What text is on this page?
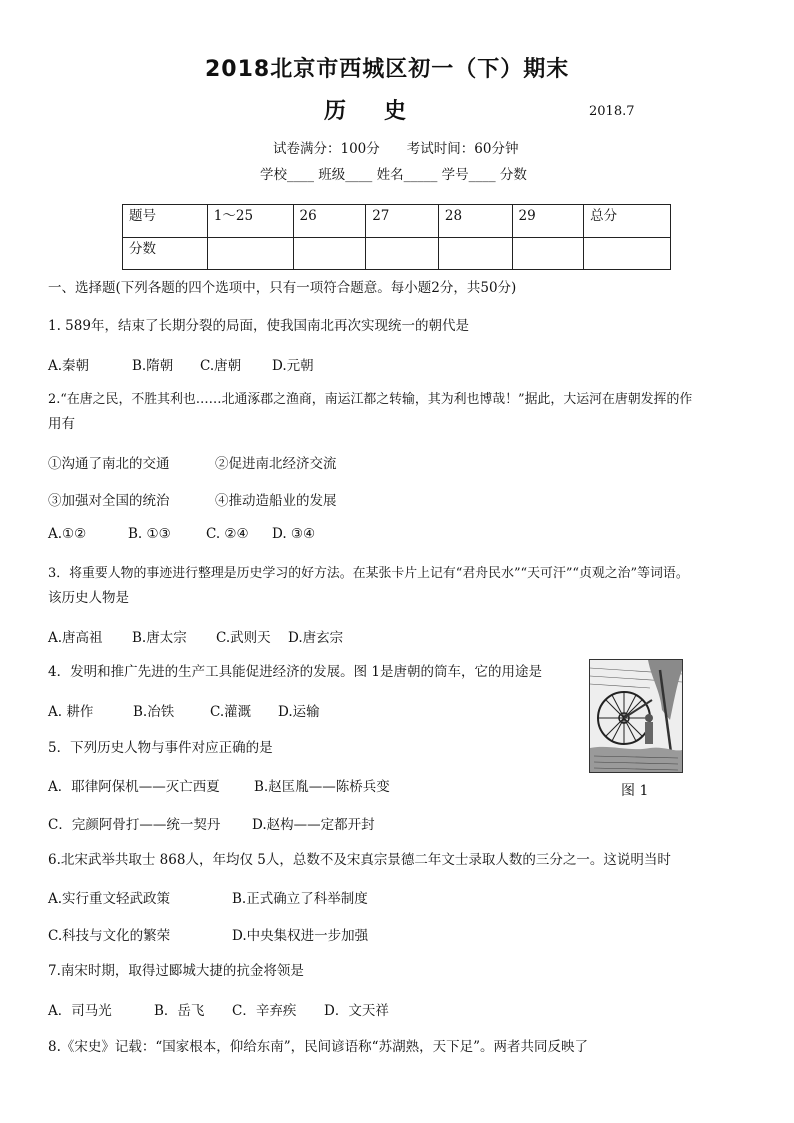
2018北京市西城区初一（下）期末
历史	2018.7
试卷满分：100分　　考试时间：60分钟
学校____ 班级____ 姓名_____ 学号____ 分数
题号	1～25	26	27	28	29	总分
分数						
一、选择题(下列各题的四个选项中，只有一项符合题意。每小题2分，共50分)
1. 589年，结束了长期分裂的局面，使我国南北再次实现统一的朝代是
A.秦朝	B.隋朝 C.唐朝 D.元朝
2.“在唐之民，不胜其利也……北通涿郡之渔商，南运江都之转输，其为利也博哉！”据此，大运河在唐朝发挥的作
用有
①沟通了南北的交通	②促进南北经济交流
③加强对全国的统治	④推动造船业的发展
A.①②	B. ①③	C. ②④ D. ③④
3．将重要人物的事迹进行整理是历史学习的好方法。在某张卡片上记有“君舟民水”“天可汗”“贞观之治”等词语。
该历史人物是
A.唐高祖 B.唐太宗 C.武则天 D.唐玄宗
4．发明和推广先进的生产工具能促进经济的发展。图 1是唐朝的筒车，它的用途是
A. 耕作	B.冶铁	C.灌溉 D.运输
图 1
5．下列历史人物与事件对应正确的是
A．耶律阿保机——灭亡西夏	B.赵匡胤——陈桥兵变
C．完颜阿骨打——统一契丹 D.赵构——定都开封
6.北宋武举共取士 868人，年均仅 5人，总数不及宋真宗景德二年文士录取人数的三分之一。这说明当时
A.实行重文轻武政策	B.正式确立了科举制度
C.科技与文化的繁荣	D.中央集权进一步加强
7.南宋时期，取得过郾城大捷的抗金将领是
A．司马光	B．岳飞 C．辛弃疾 D．文天祥
8.《宋史》记载：“国家根本，仰给东南”，民间谚语称“苏湖熟，天下足”。两者共同反映了
